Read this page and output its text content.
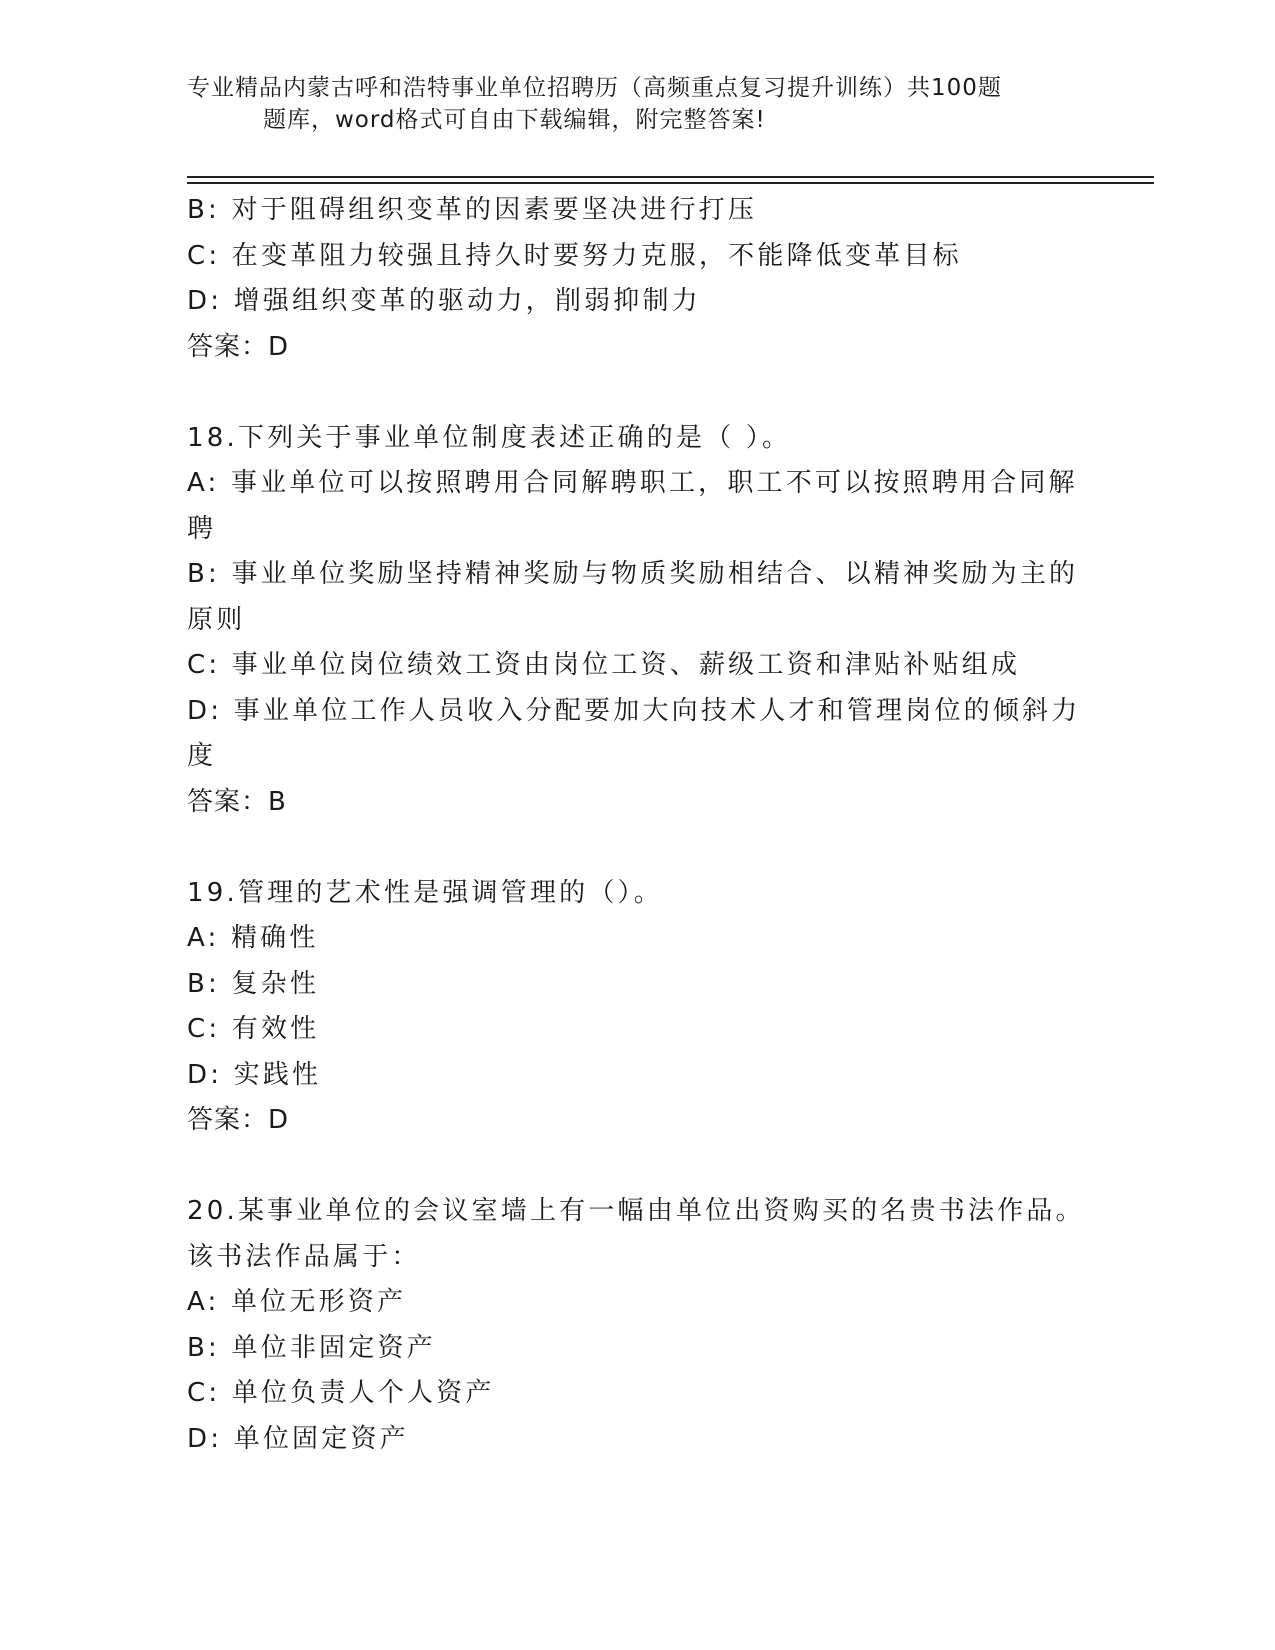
专业精品内蒙古呼和浩特事业单位招聘历（高频重点复习提升训练）共100题
题库，word格式可自由下载编辑，附完整答案!
B: 对于阻碍组织变革的因素要坚决进行打压
C: 在变革阻力较强且持久时要努力克服，不能降低变革目标
D: 增强组织变革的驱动力，削弱抑制力
答案：D
18.下列关于事业单位制度表述正确的是（ ）。
A: 事业单位可以按照聘用合同解聘职工，职工不可以按照聘用合同解
聘
B: 事业单位奖励坚持精神奖励与物质奖励相结合、以精神奖励为主的
原则
C: 事业单位岗位绩效工资由岗位工资、薪级工资和津贴补贴组成
D: 事业单位工作人员收入分配要加大向技术人才和管理岗位的倾斜力
度
答案：B
19.管理的艺术性是强调管理的（）。
A: 精确性
B: 复杂性
C: 有效性
D: 实践性
答案：D
20.某事业单位的会议室墙上有一幅由单位出资购买的名贵书法作品。
该书法作品属于：
A: 单位无形资产
B: 单位非固定资产
C: 单位负责人个人资产
D: 单位固定资产
